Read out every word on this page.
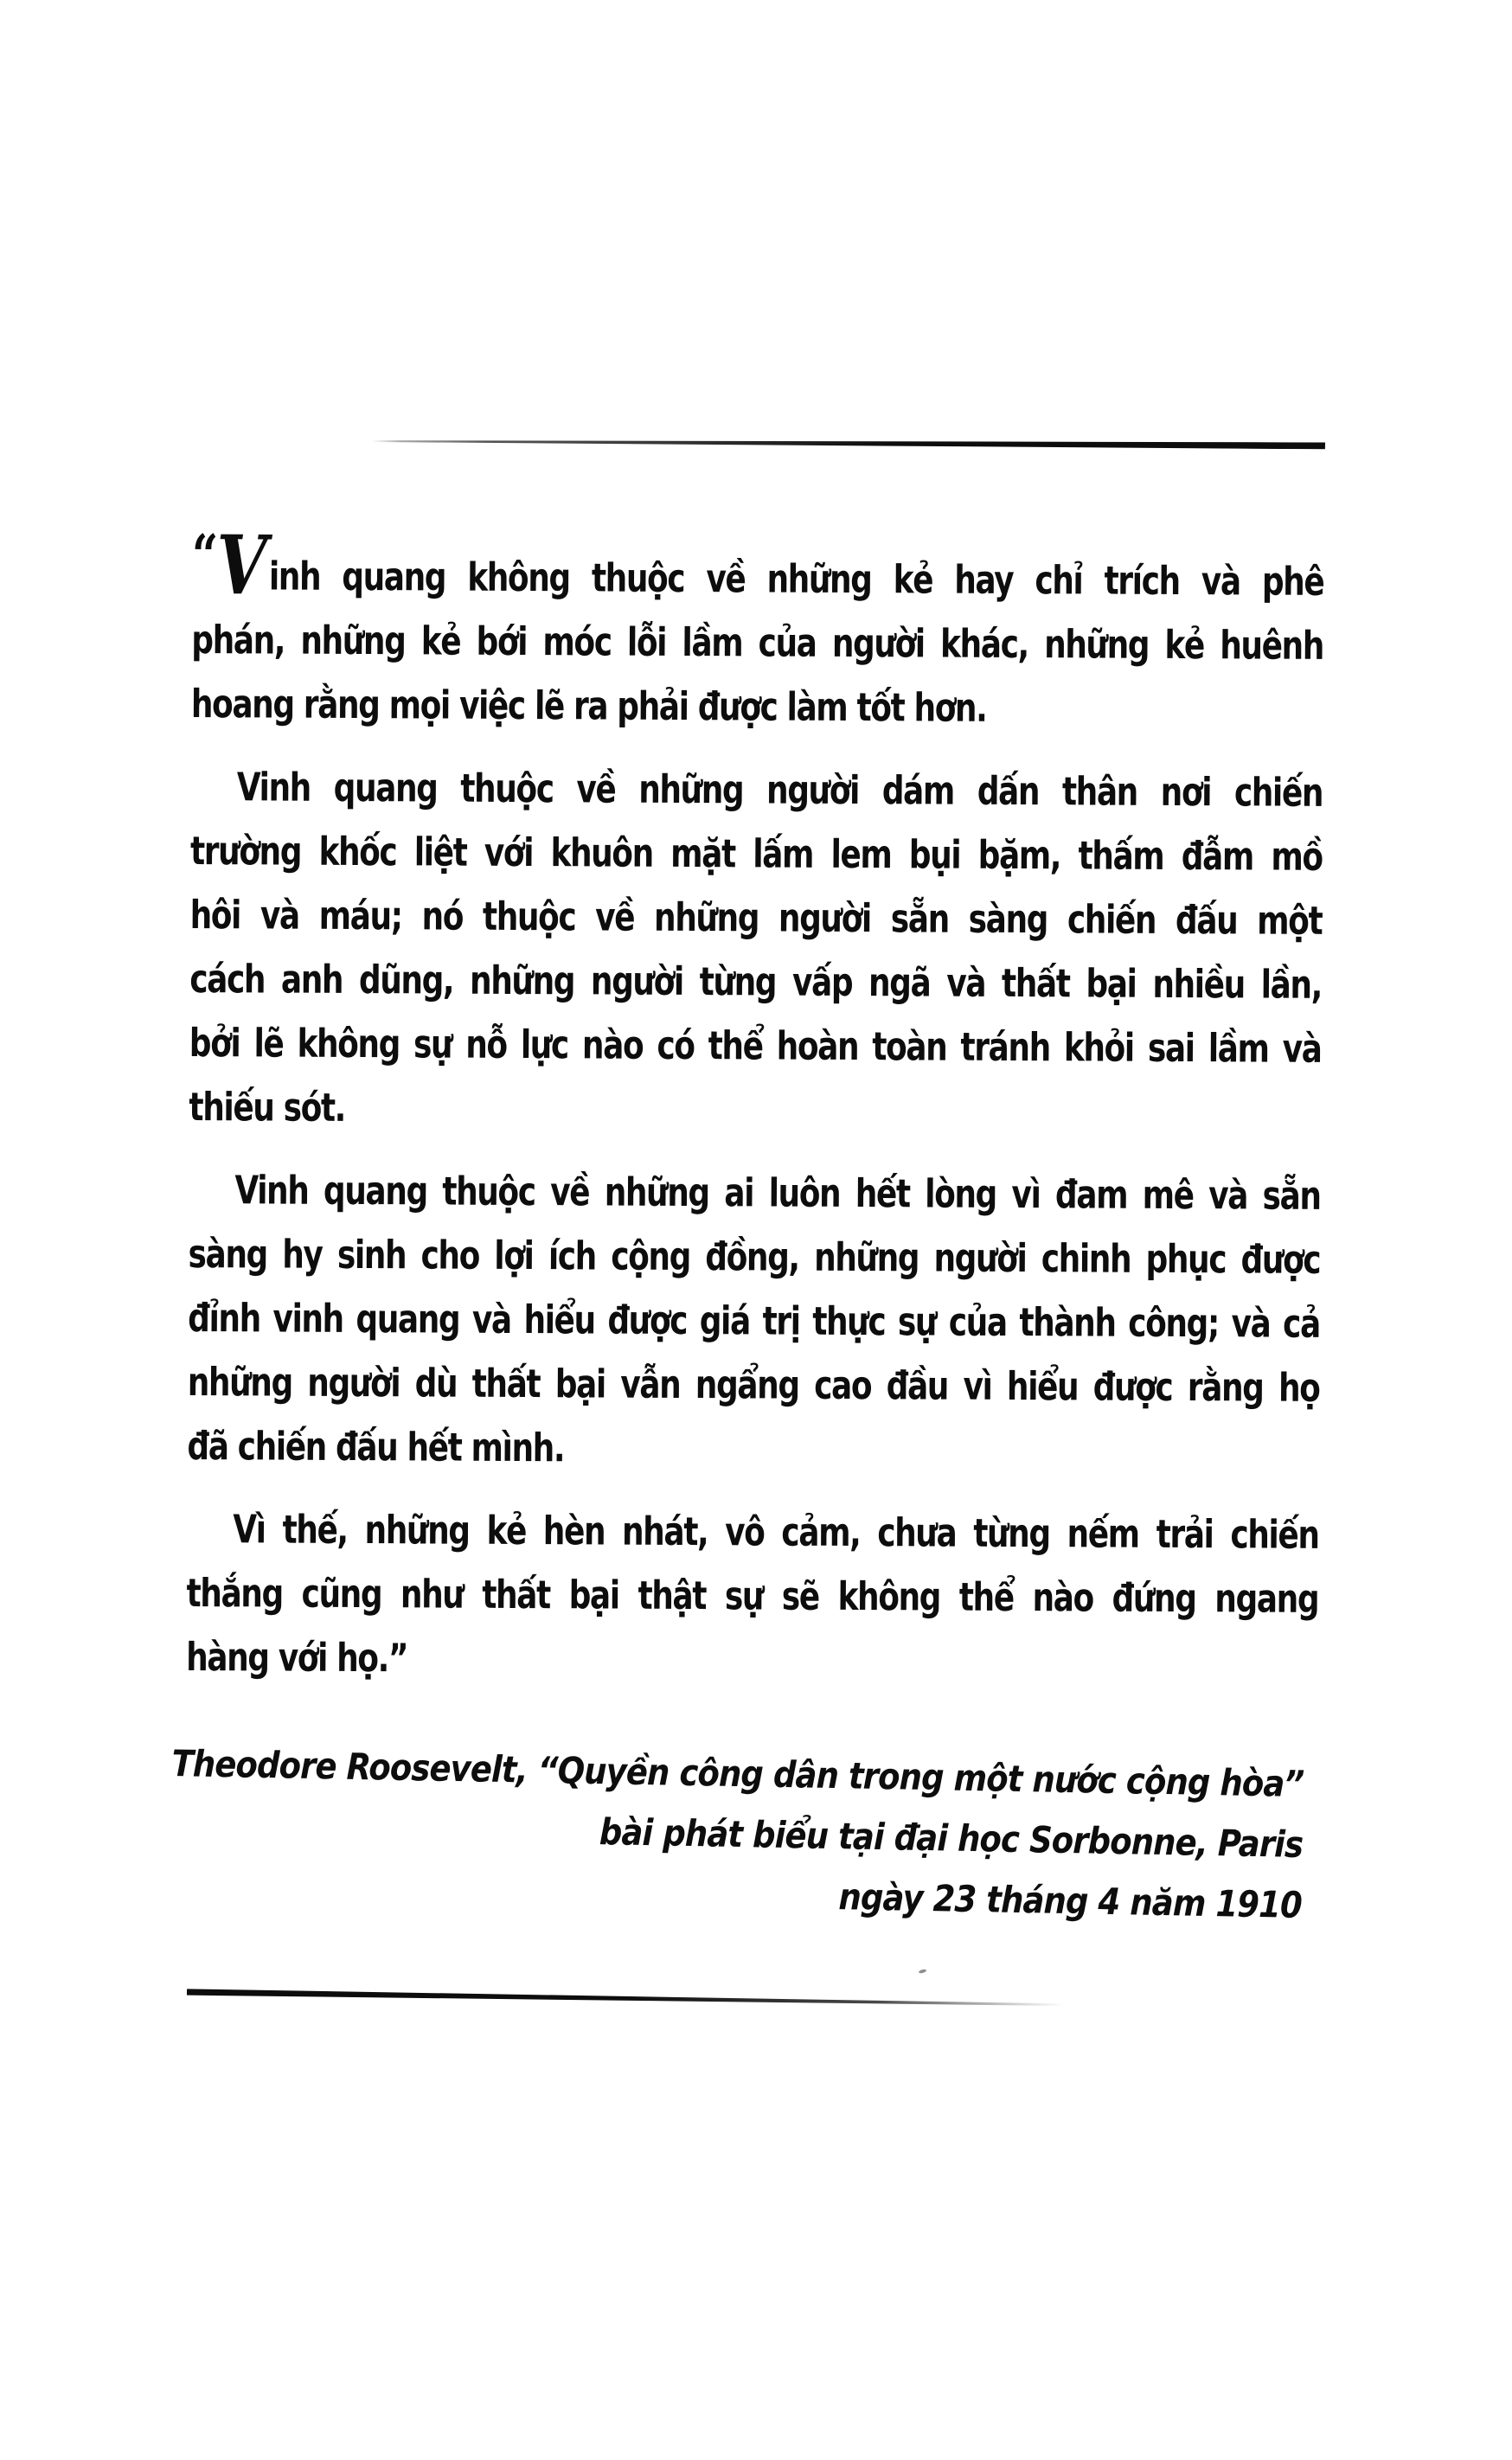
“Vinh quang không thuộc về những kẻ hay chỉ trích và phê
phán, những kẻ bới móc lỗi lầm của người khác, những kẻ huênh
hoang rằng mọi việc lẽ ra phải được làm tốt hơn.
Vinh quang thuộc về những người dám dấn thân nơi chiến
trường khốc liệt với khuôn mặt lấm lem bụi bặm, thấm đẫm mồ
hôi và máu; nó thuộc về những người sẵn sàng chiến đấu một
cách anh dũng, những người từng vấp ngã và thất bại nhiều lần,
bởi lẽ không sự nỗ lực nào có thể hoàn toàn tránh khỏi sai lầm và
thiếu sót.
Vinh quang thuộc về những ai luôn hết lòng vì đam mê và sẵn
sàng hy sinh cho lợi ích cộng đồng, những người chinh phục được
đỉnh vinh quang và hiểu được giá trị thực sự của thành công; và cả
những người dù thất bại vẫn ngẩng cao đầu vì hiểu được rằng họ
đã chiến đấu hết mình.
Vì thế, những kẻ hèn nhát, vô cảm, chưa từng nếm trải chiến
thắng cũng như thất bại thật sự sẽ không thể nào đứng ngang
hàng với họ.”
Theodore Roosevelt, “Quyền công dân trong một nước cộng hòa”
bài phát biểu tại đại học Sorbonne, Paris
ngày 23 tháng 4 năm 1910
